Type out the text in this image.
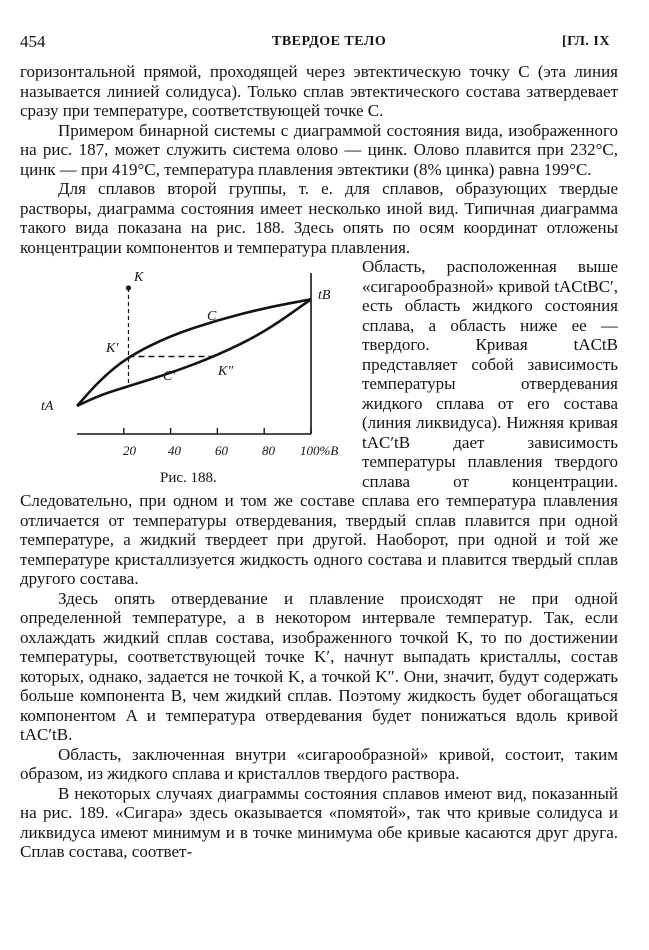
454	ТВЕРДОЕ ТЕЛО	[ГЛ. IX

горизонтальной прямой, проходящей через эвтектическую точку C (эта линия называется линией солидуса). Только сплав эвтектического состава затвердевает сразу при температуре, соответствующей точке C.

Примером бинарной системы с диаграммой состояния вида, изображенного на рис. 187, может служить система олово — цинк. Олово плавится при 232°C, цинк — при 419°C, температура плавления эвтектики (8% цинка) равна 199°C.

Для сплавов второй группы, т. е. для сплавов, образующих твердые растворы, диаграмма состояния имеет несколько иной вид. Типичная диаграмма такого вида показана на рис. 188. Здесь опять по осям координат отложены концентрации компонентов и температура плавления.

K
K′
K″
C
C′
tA
tB
20 40	60	80 100%B
Рис. 188.

Область, расположенная выше «сигарообразной» кривой tACtBC′, есть область жидкого состояния сплава, а область ниже ее — твердого. Кривая tACtB представляет собой зависимость температуры отвердевания жидкого сплава от его состава (линия ликвидуса). Нижняя кривая tAC′tB дает зависимость температуры плавления твердого сплава от концентрации. Следовательно, при одном и том же составе сплава его температура плавления отличается от температуры отвердевания, твердый сплав плавится при одной температуре, а жидкий твердеет при другой. Наоборот, при одной и той же температуре кристаллизуется жидкость одного состава и плавится твердый сплав другого состава.

Здесь опять отвердевание и плавление происходят не при одной определенной температуре, а в некотором интервале температур. Так, если охлаждать жидкий сплав состава, изображенного точкой K, то по достижении температуры, соответствующей точке K′, начнут выпадать кристаллы, состав которых, однако, задается не точкой K, а точкой K″. Они, значит, будут содержать больше компонента B, чем жидкий сплав. Поэтому жидкость будет обогащаться компонентом A и температура отвердевания будет понижаться вдоль кривой tAC′tB.

Область, заключенная внутри «сигарообразной» кривой, состоит, таким образом, из жидкого сплава и кристаллов твердого раствора.

В некоторых случаях диаграммы состояния сплавов имеют вид, показанный на рис. 189. «Сигара» здесь оказывается «помятой», так что кривые солидуса и ликвидуса имеют минимум и в точке минимума обе кривые касаются друг друга. Сплав состава, соответ-
